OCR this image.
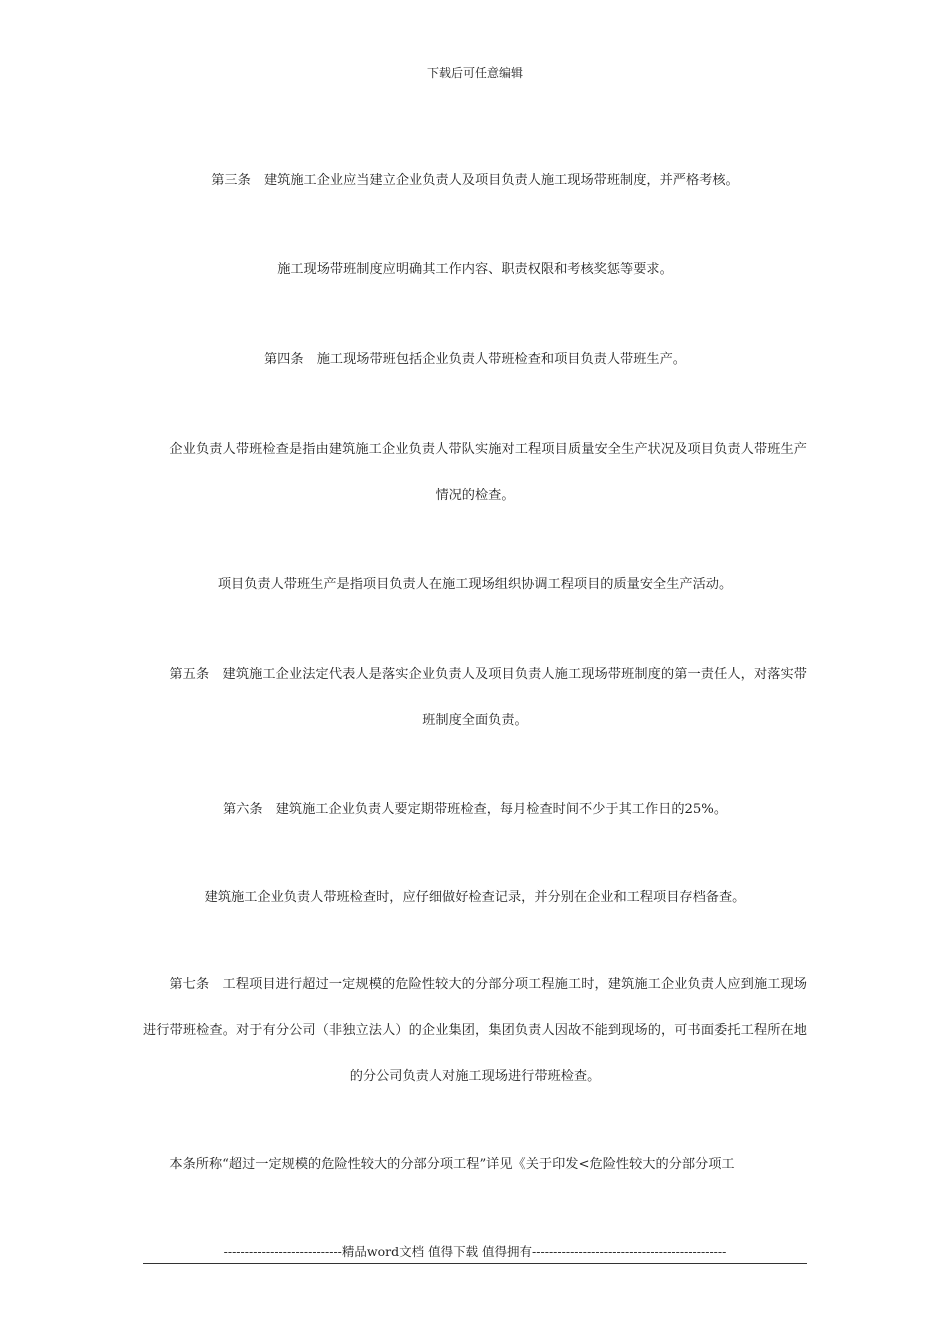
下载后可任意编辑

第三条　建筑施工企业应当建立企业负责人及项目负责人施工现场带班制度，并严格考核。

施工现场带班制度应明确其工作内容、职责权限和考核奖惩等要求。

第四条　施工现场带班包括企业负责人带班检查和项目负责人带班生产。

企业负责人带班检查是指由建筑施工企业负责人带队实施对工程项目质量安全生产状况及项目负责人带班生产情况的检查。

项目负责人带班生产是指项目负责人在施工现场组织协调工程项目的质量安全生产活动。

第五条　建筑施工企业法定代表人是落实企业负责人及项目负责人施工现场带班制度的第一责任人，对落实带班制度全面负责。

第六条　建筑施工企业负责人要定期带班检查，每月检查时间不少于其工作日的25%。

建筑施工企业负责人带班检查时，应仔细做好检查记录，并分别在企业和工程项目存档备查。

第七条　工程项目进行超过一定规模的危险性较大的分部分项工程施工时，建筑施工企业负责人应到施工现场进行带班检查。对于有分公司（非独立法人）的企业集团，集团负责人因故不能到现场的，可书面委托工程所在地的分公司负责人对施工现场进行带班检查。

本条所称“超过一定规模的危险性较大的分部分项工程”详见《关于印发<危险性较大的分部分项工

----------------------------精品word文档 值得下载 值得拥有----------------------------------------------
